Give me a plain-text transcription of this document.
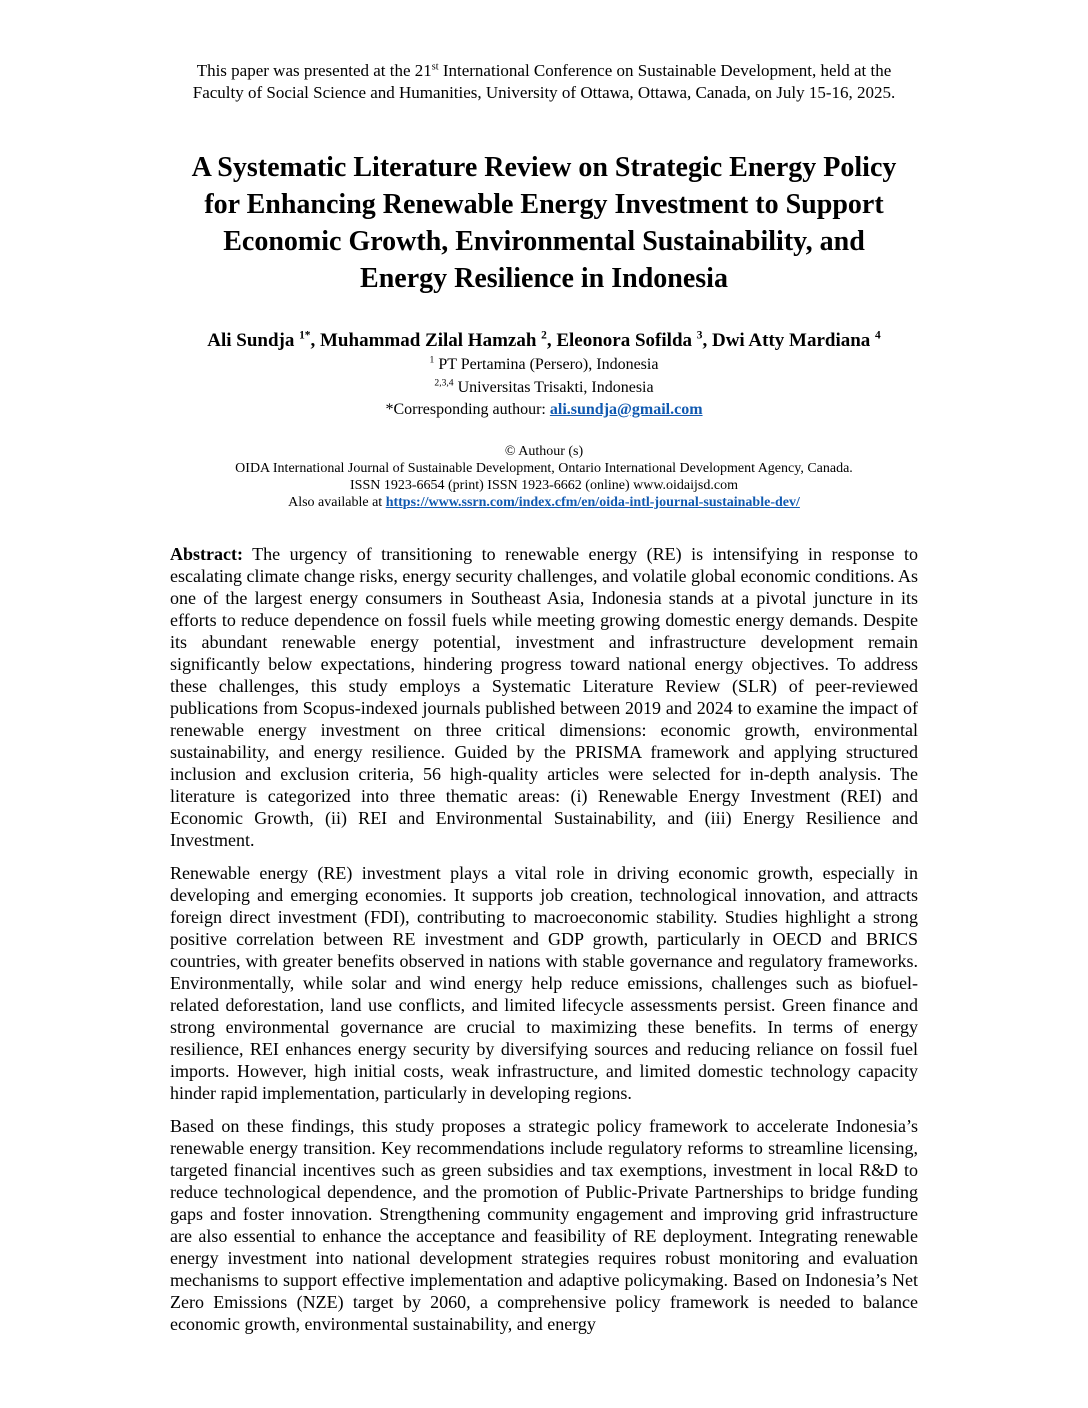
This paper was presented at the 21st International Conference on Sustainable Development, held at the
Faculty of Social Science and Humanities, University of Ottawa, Ottawa, Canada, on July 15-16, 2025.

A Systematic Literature Review on Strategic Energy Policy
for Enhancing Renewable Energy Investment to Support
Economic Growth, Environmental Sustainability, and
Energy Resilience in Indonesia

Ali Sundja $^{1*}$, Muhammad Zilal Hamzah $^2$, Eleonora Sofilda $^3$, Dwi Atty Mardiana $^4$

$^1$ PT Pertamina (Persero), Indonesia

$^{2,3,4}$ Universitas Trisakti, Indonesia

*Corresponding authour: ali.sundja@gmail.com

© Authour (s)
OIDA International Journal of Sustainable Development, Ontario International Development Agency, Canada.
ISSN 1923-6654 (print) ISSN 1923-6662 (online) www.oidaijsd.com
Also available at https://www.ssrn.com/index.cfm/en/oida-intl-journal-sustainable-dev/

Abstract: The urgency of transitioning to renewable energy (RE) is intensifying in response to escalating climate change risks, energy security challenges, and volatile global economic conditions. As one of the largest energy consumers in Southeast Asia, Indonesia stands at a pivotal juncture in its efforts to reduce dependence on fossil fuels while meeting growing domestic energy demands. Despite its abundant renewable energy potential, investment and infrastructure development remain significantly below expectations, hindering progress toward national energy objectives. To address these challenges, this study employs a Systematic Literature Review (SLR) of peer-reviewed publications from Scopus-indexed journals published between 2019 and 2024 to examine the impact of renewable energy investment on three critical dimensions: economic growth, environmental sustainability, and energy resilience. Guided by the PRISMA framework and applying structured inclusion and exclusion criteria, 56 high-quality articles were selected for in-depth analysis. The literature is categorized into three thematic areas: (i) Renewable Energy Investment (REI) and Economic Growth, (ii) REI and Environmental Sustainability, and (iii) Energy Resilience and Investment.

Renewable energy (RE) investment plays a vital role in driving economic growth, especially in developing and emerging economies. It supports job creation, technological innovation, and attracts foreign direct investment (FDI), contributing to macroeconomic stability. Studies highlight a strong positive correlation between RE investment and GDP growth, particularly in OECD and BRICS countries, with greater benefits observed in nations with stable governance and regulatory frameworks. Environmentally, while solar and wind energy help reduce emissions, challenges such as biofuel-related deforestation, land use conflicts, and limited lifecycle assessments persist. Green finance and strong environmental governance are crucial to maximizing these benefits. In terms of energy resilience, REI enhances energy security by diversifying sources and reducing reliance on fossil fuel imports. However, high initial costs, weak infrastructure, and limited domestic technology capacity hinder rapid implementation, particularly in developing regions.

Based on these findings, this study proposes a strategic policy framework to accelerate Indonesia’s renewable energy transition. Key recommendations include regulatory reforms to streamline licensing, targeted financial incentives such as green subsidies and tax exemptions, investment in local R&D to reduce technological dependence, and the promotion of Public-Private Partnerships to bridge funding gaps and foster innovation. Strengthening community engagement and improving grid infrastructure are also essential to enhance the acceptance and feasibility of RE deployment. Integrating renewable energy investment into national development strategies requires robust monitoring and evaluation mechanisms to support effective implementation and adaptive policymaking. Based on Indonesia’s Net Zero Emissions (NZE) target by 2060, a comprehensive policy framework is needed to balance economic growth, environmental sustainability, and energy
